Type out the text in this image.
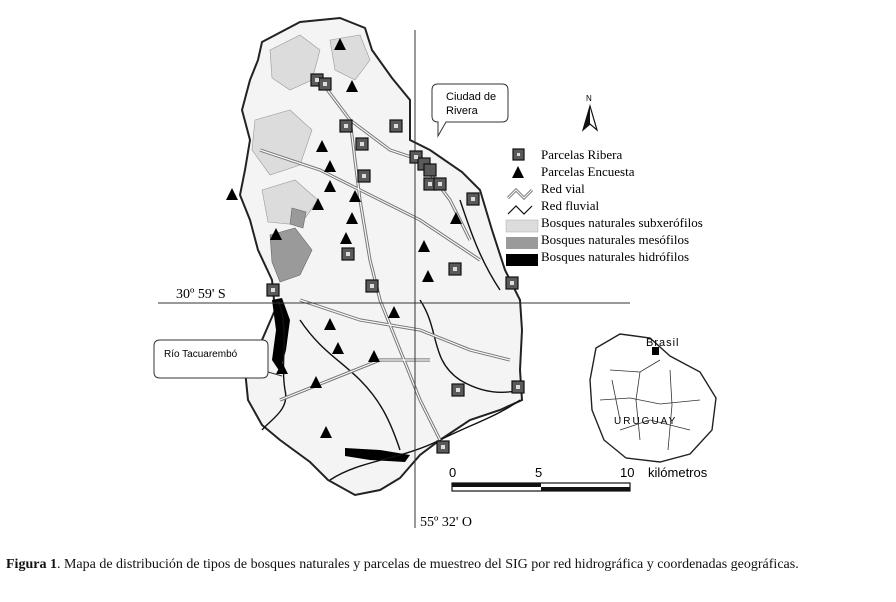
Ciudad de
Rivera
Río Tacuarembó
N
Parcelas Ribera
Parcelas Encuesta
Red vial
Red fluvial
Bosques naturales subxerófilos
Bosques naturales mesófilos
Bosques naturales hidrófilos
30º 59' S
55º 32' O
Brasil
URUGUAY
0	5	10 kilómetros
Figura 1. Mapa de distribución de tipos de bosques naturales y parcelas de muestreo del SIG por red hidrográfica y coordenadas geográficas.
